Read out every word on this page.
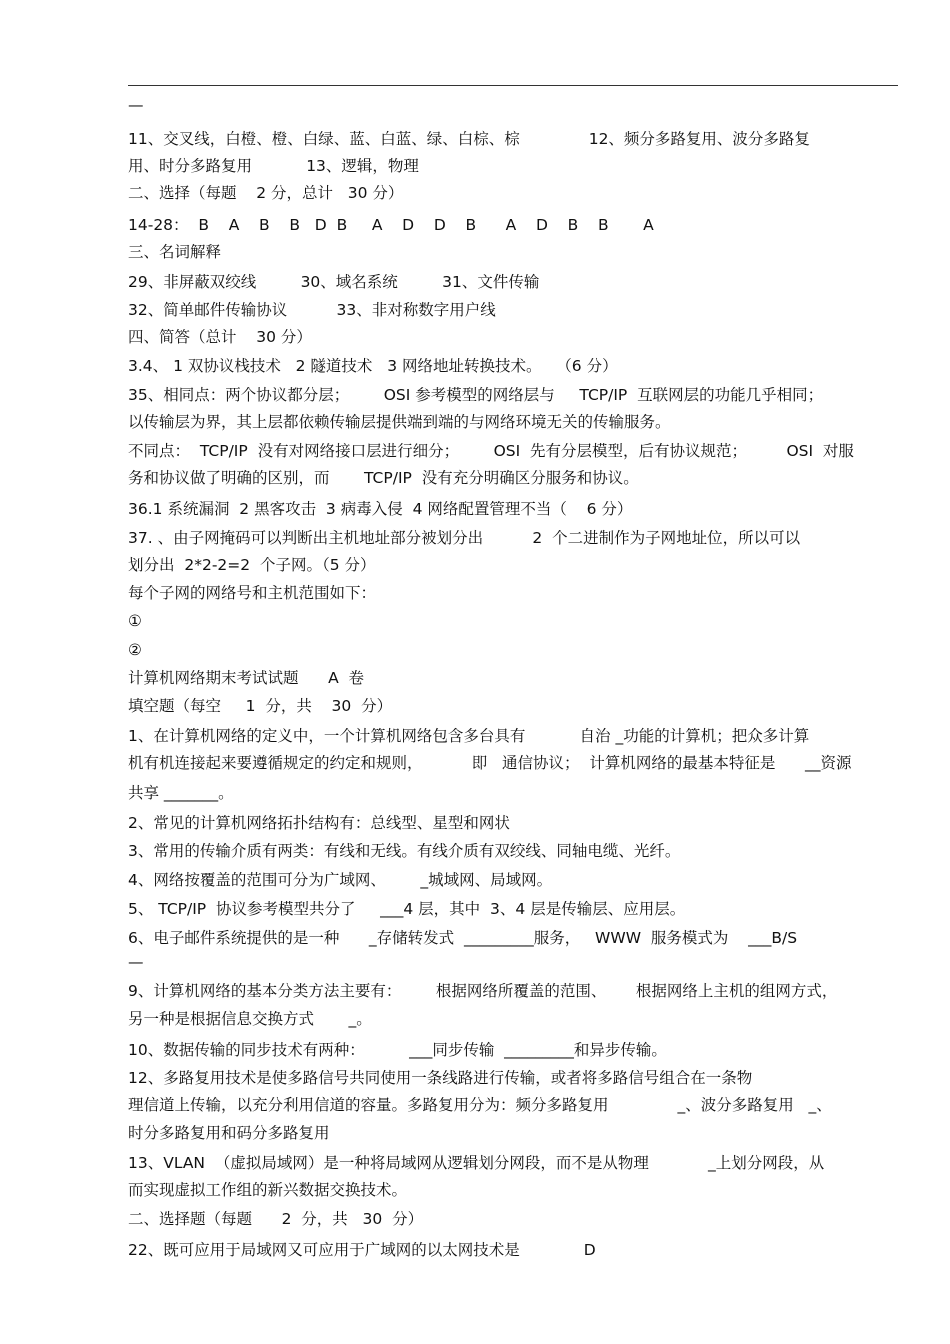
—

11、交叉线，白橙、橙、白绿、蓝、白蓝、绿、白棕、棕              12、频分多路复用、波分多路复

用、时分多路复用           13、逻辑，物理

二、选择（每题    2 分，总计   30 分）

14-28：  B    A    B    B   D  B     A    D    D    B      A    D    B    B       A

三、名词解释

29、非屏蔽双绞线         30、域名系统         31、文件传输

32、简单邮件传输协议          33、非对称数字用户线

四、简答（总计    30 分）

3.4、 1 双协议栈技术   2 隧道技术   3 网络地址转换技术。   （6 分）

35、相同点：两个协议都分层；       OSI 参考模型的网络层与     TCP/IP  互联网层的功能几乎相同；

以传输层为界，其上层都依赖传输层提供端到端的与网络环境无关的传输服务。

不同点：  TCP/IP  没有对网络接口层进行细分；       OSI  先有分层模型，后有协议规范；        OSI  对服

务和协议做了明确的区别，而       TCP/IP  没有充分明确区分服务和协议。

36.1 系统漏洞  2 黑客攻击  3 病毒入侵  4 网络配置管理不当（    6 分）

37. 、由子网掩码可以判断出主机地址部分被划分出          2  个二进制作为子网地址位，所以可以

划分出  2*2-2=2  个子网。（5 分）

每个子网的网络号和主机范围如下：

①

②

计算机网络期末考试试题      A  卷

填空题（每空     1  分，共    30  分）

1、在计算机网络的定义中，一个计算机网络包含多台具有           自治 _功能的计算机；把众多计算

机有机连接起来要遵循规定的约定和规则，          即   通信协议；  计算机网络的最基本特征是      __资源

共享 _______。

2、常见的计算机网络拓扑结构有：总线型、星型和网状

3、常用的传输介质有两类：有线和无线。有线介质有双绞线、同轴电缆、光纤。

4、网络按覆盖的范围可分为广域网、       _城域网、局域网。

5、 TCP/IP  协议参考模型共分了     ___4 层，其中  3、4 层是传输层、应用层。

6、电子邮件系统提供的是一种      _存储转发式  _________服务，   WWW  服务模式为    ___B/S

—

9、计算机网络的基本分类方法主要有：       根据网络所覆盖的范围、      根据网络上主机的组网方式，

另一种是根据信息交换方式       _。

10、数据传输的同步技术有两种：         ___同步传输  _________和异步传输。

12、多路复用技术是使多路信号共同使用一条线路进行传输，或者将多路信号组合在一条物

理信道上传输，以充分利用信道的容量。多路复用分为：频分多路复用              _、波分多路复用   _、

时分多路复用和码分多路复用

13、VLAN  （虚拟局域网）是一种将局域网从逻辑划分网段，而不是从物理            _上划分网段，从

而实现虚拟工作组的新兴数据交换技术。

二、选择题（每题      2  分，共   30  分）

22、既可应用于局域网又可应用于广域网的以太网技术是             D
